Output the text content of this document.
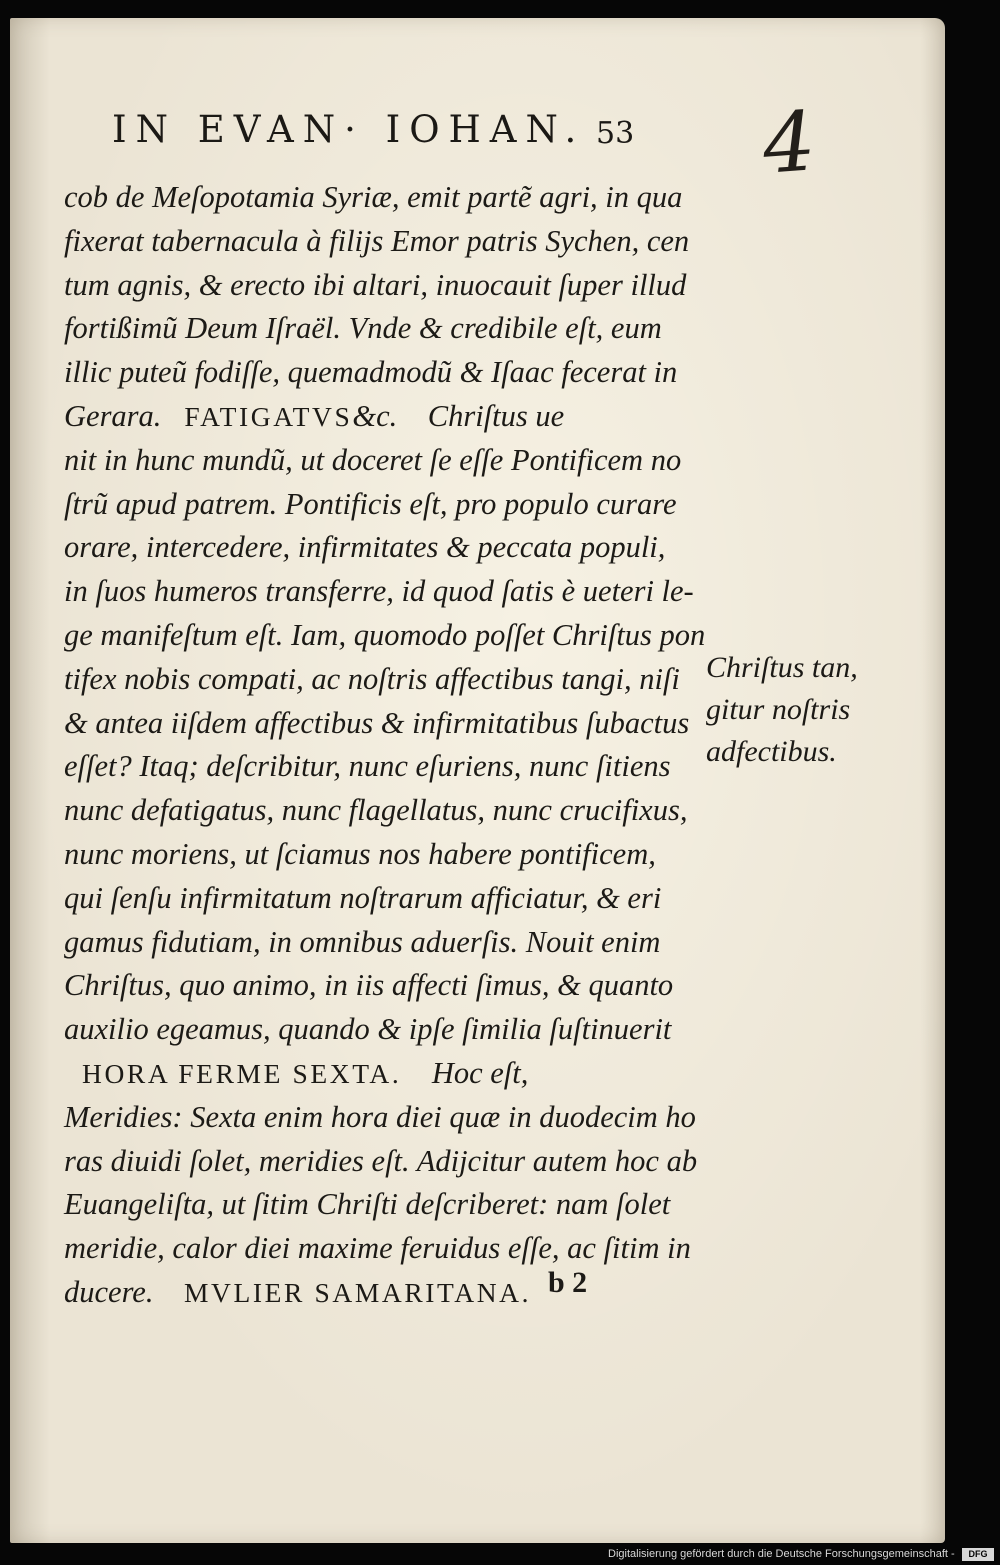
IN EVAN· IOHAN. 53 4
cob de Meſopotamia Syriæ, emit partẽ agri, in qua
fixerat tabernacula à filijs Emor patris Sychen, cen
tum agnis, & erecto ibi altari, inuocauit ſuper illud
fortißimũ Deum Iſraël. Vnde & credibile eſt, eum
illic puteũ fodiſſe, quemadmodũ & Iſaac fecerat in
Gerara. FATIGATVS&c. Chriſtus ue
nit in hunc mundũ, ut doceret ſe eſſe Pontificem no
ſtrũ apud patrem. Pontificis eſt, pro populo curare
orare, intercedere, infirmitates & peccata populi,
in ſuos humeros transferre, id quod ſatis è ueteri le-
ge manifeſtum eſt. Iam, quomodo poſſet Chriſtus pon
tifex nobis compati, ac noſtris affectibus tangi, niſi
& antea iiſdem affectibus & infirmitatibus ſubactus
eſſet? Itaq; deſcribitur, nunc eſuriens, nunc ſitiens
nunc defatigatus, nunc flagellatus, nunc crucifixus,
nunc moriens, ut ſciamus nos habere pontificem,
qui ſenſu infirmitatum noſtrarum afficiatur, & eri
gamus fidutiam, in omnibus aduerſis. Nouit enim
Chriſtus, quo animo, in iis affecti ſimus, & quanto
auxilio egeamus, quando & ipſe ſimilia ſuſtinuerit
HORA FERME SEXTA. Hoc eſt,
Meridies: Sexta enim hora diei quæ in duodecim ho
ras diuidi ſolet, meridies eſt. Adijcitur autem hoc ab
Euangeliſta, ut ſitim Chriſti deſcriberet: nam ſolet
meridie, calor diei maxime feruidus eſſe, ac ſitim in
ducere. MVLIER SAMARITANA.
Chriſtus tan,
gitur noſtris
adfectibus.
b 2
Digitalisierung gefördert durch die Deutsche Forschungsgemeinschaft -	DFG
